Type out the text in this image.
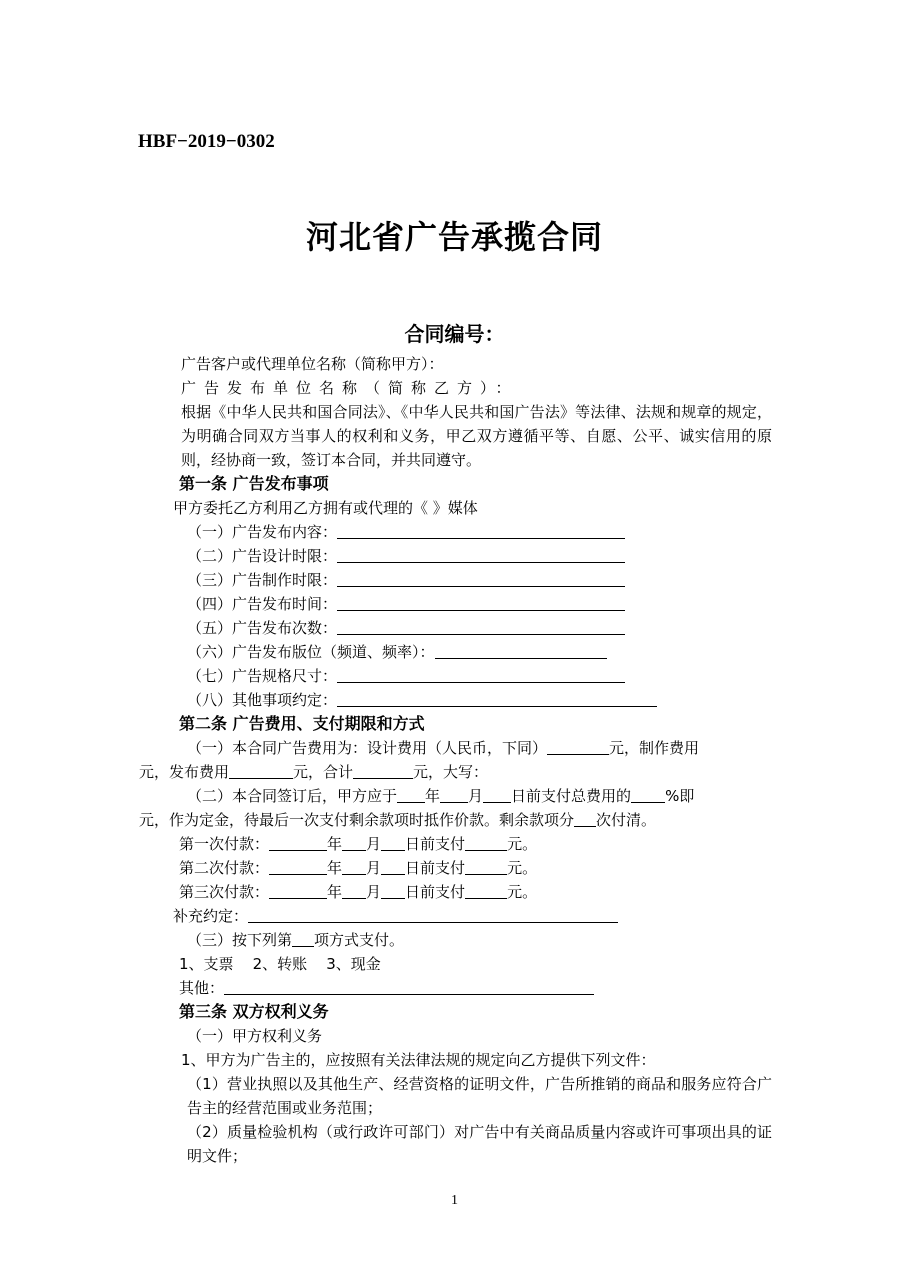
HBF−2019−0302
河北省广告承揽合同
合同编号：
广告客户或代理单位名称（简称甲方）：
广告发布单位名称（简称乙方）：
根据《中华人民共和国合同法》、《中华人民共和国广告法》等法律、法规和规章的规定，为明确合同双方当事人的权利和义务，甲乙双方遵循平等、自愿、公平、诚实信用的原则，经协商一致，签订本合同，并共同遵守。
第一条 广告发布事项
甲方委托乙方利用乙方拥有或代理的《 》媒体
（一）广告发布内容：
（二）广告设计时限：
（三）广告制作时限：
（四）广告发布时间：
（五）广告发布次数：
（六）广告发布版位（频道、频率）：
（七）广告规格尺寸：
（八）其他事项约定：
第二条 广告费用、支付期限和方式
（一）本合同广告费用为：设计费用（人民币，下同）	元，制作费用
元，发布费用	元，合计	元，大写：
（二）本合同签订后，甲方应于 年 月 日前支付总费用的 %即
元，作为定金，待最后一次支付剩余款项时抵作价款。剩余款项分 次付清。
第一次付款：	年 月 日前支付	元。
第二次付款：	年 月 日前支付	元。
第三次付款：	年 月 日前支付	元。
补充约定：
（三）按下列第 项方式支付。
1、支票    2、转账    3、现金
其他：
第三条 双方权利义务
（一）甲方权利义务
1、甲方为广告主的，应按照有关法律法规的规定向乙方提供下列文件：
（1）营业执照以及其他生产、经营资格的证明文件，广告所推销的商品和服务应符合广告主的经营范围或业务范围；
（2）质量检验机构（或行政许可部门）对广告中有关商品质量内容或许可事项出具的证明文件；
1
